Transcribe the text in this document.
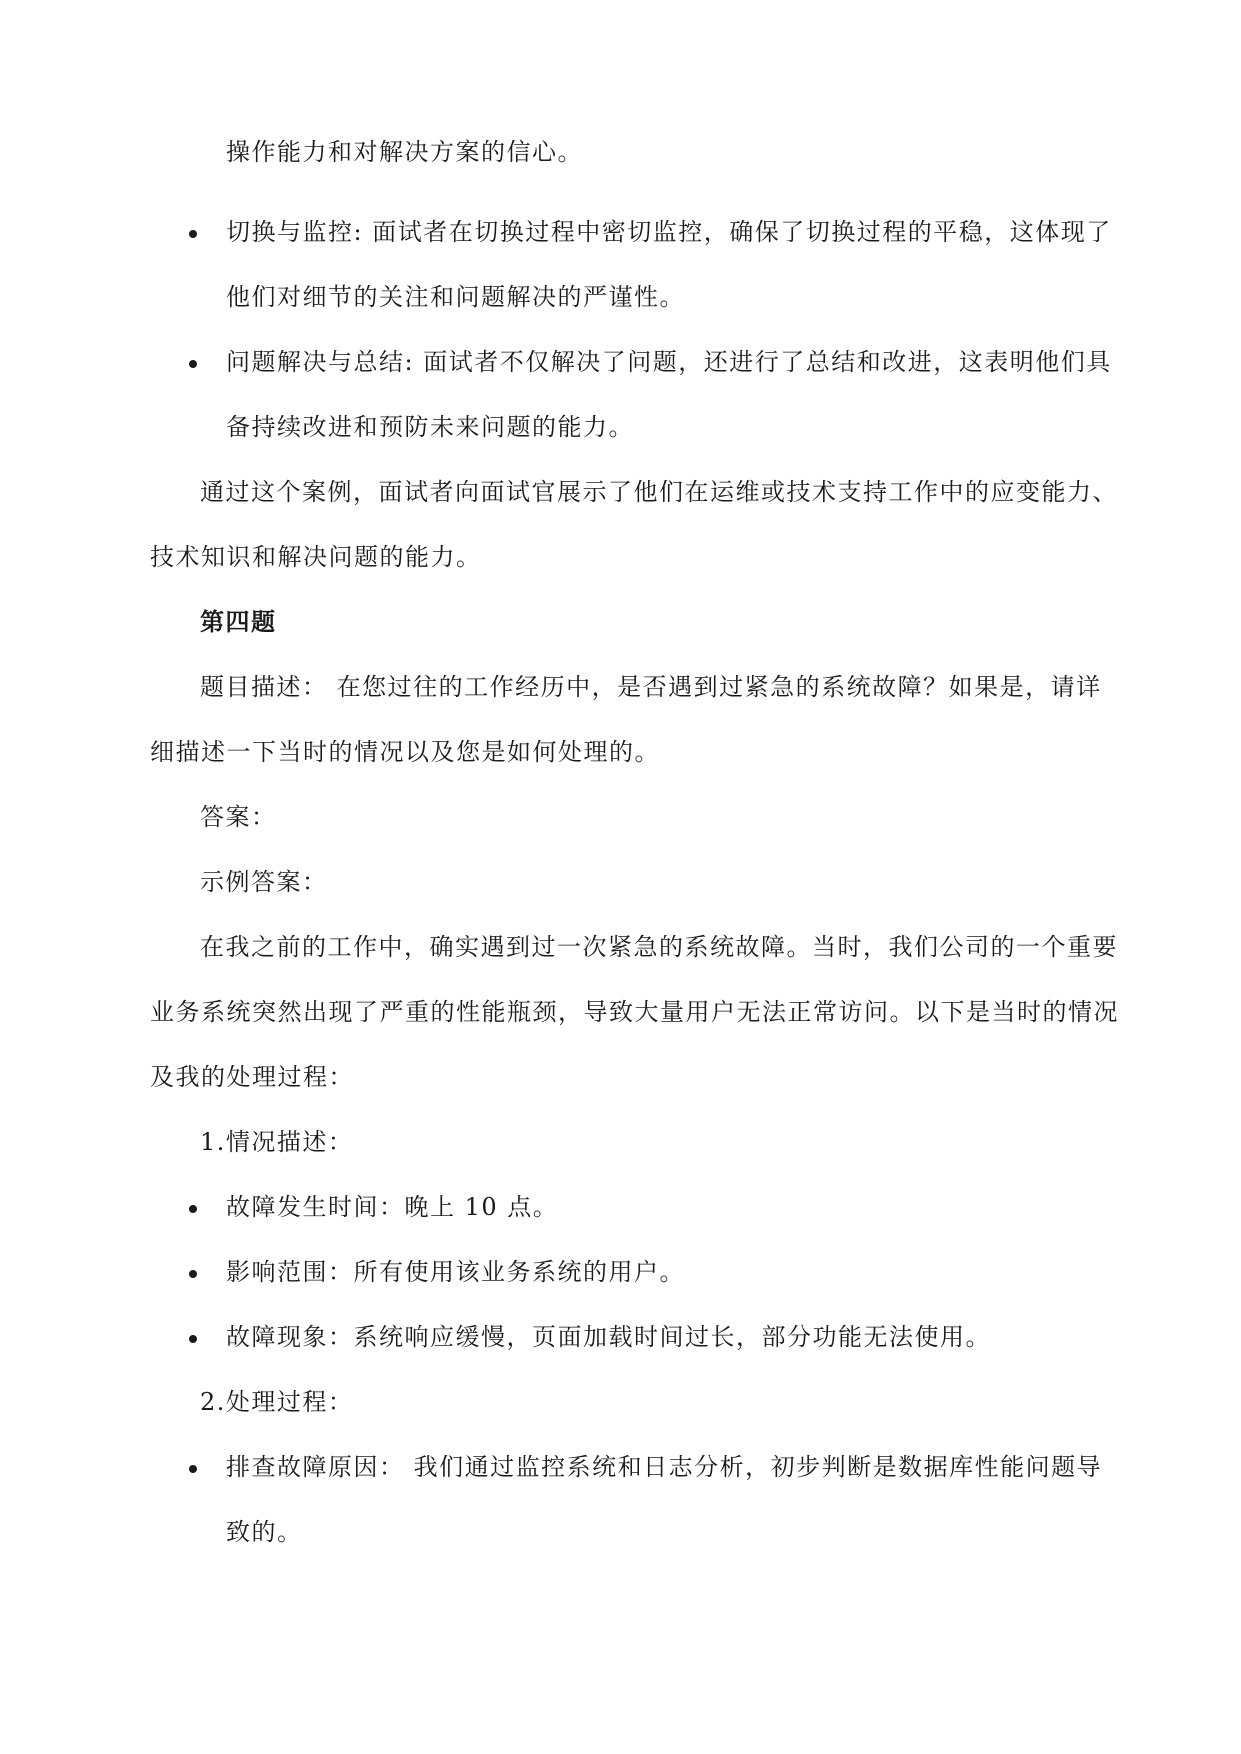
操作能力和对解决方案的信心。
切换与监控: 面试者在切换过程中密切监控，确保了切换过程的平稳，这体现了
他们对细节的关注和问题解决的严谨性。
问题解决与总结: 面试者不仅解决了问题，还进行了总结和改进，这表明他们具
备持续改进和预防未来问题的能力。
通过这个案例，面试者向面试官展示了他们在运维或技术支持工作中的应变能力、
技术知识和解决问题的能力。
第四题
题目描述： 在您过往的工作经历中，是否遇到过紧急的系统故障？如果是，请详
细描述一下当时的情况以及您是如何处理的。
答案：
示例答案：
在我之前的工作中，确实遇到过一次紧急的系统故障。当时，我们公司的一个重要
业务系统突然出现了严重的性能瓶颈，导致大量用户无法正常访问。以下是当时的情况
及我的处理过程：
1.情况描述：
故障发生时间：晚上 10 点。
影响范围：所有使用该业务系统的用户。
故障现象：系统响应缓慢，页面加载时间过长，部分功能无法使用。
2.处理过程：
排查故障原因： 我们通过监控系统和日志分析，初步判断是数据库性能问题导
致的。
